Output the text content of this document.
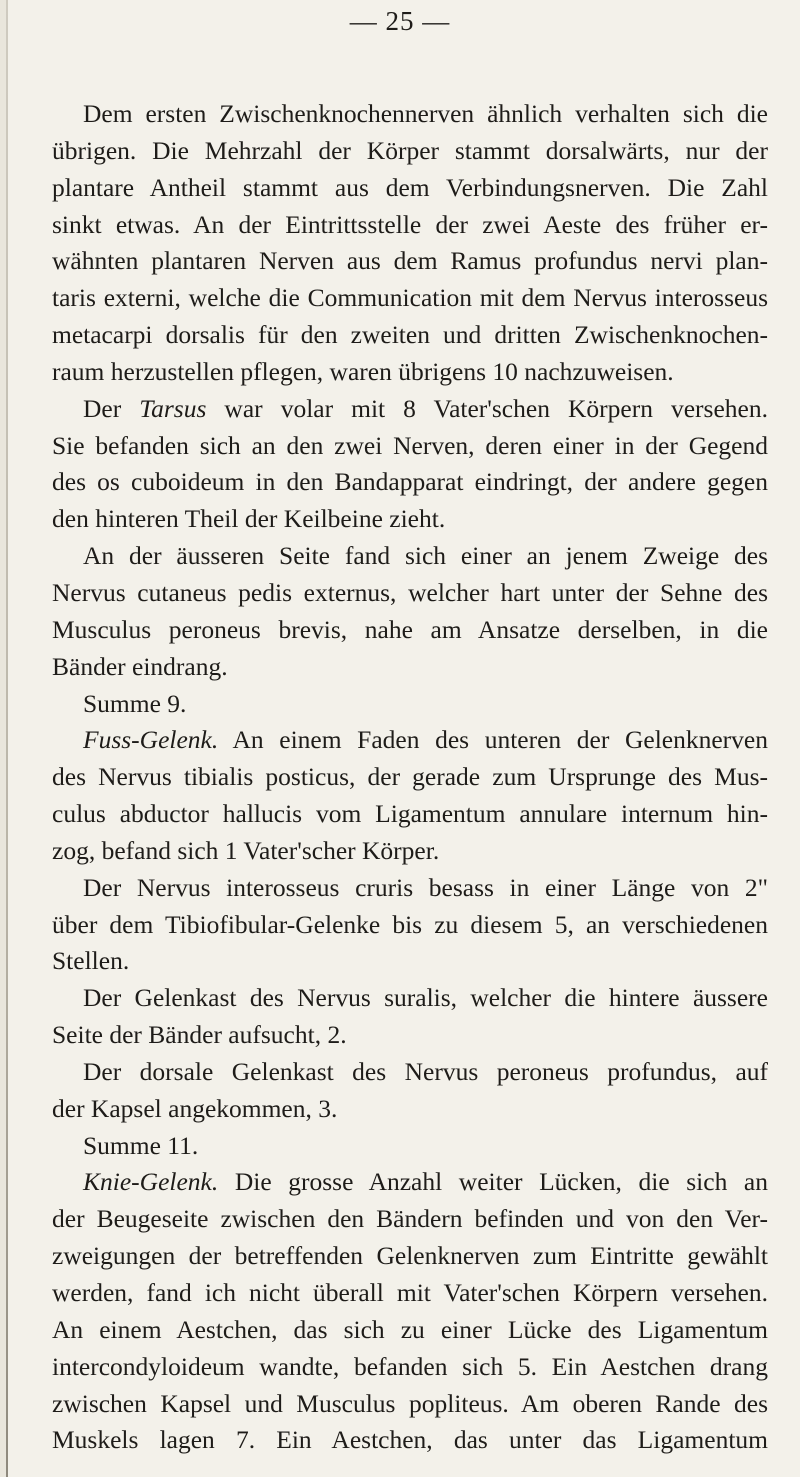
— 25 —
Dem ersten Zwischenknochennerven ähnlich verhalten sich die
übrigen. Die Mehrzahl der Körper stammt dorsalwärts, nur der
plantare Antheil stammt aus dem Verbindungsnerven. Die Zahl
sinkt etwas. An der Eintrittsstelle der zwei Aeste des früher er-
wähnten plantaren Nerven aus dem Ramus profundus nervi plan-
taris externi, welche die Communication mit dem Nervus interosseus
metacarpi dorsalis für den zweiten und dritten Zwischenknochen-
raum herzustellen pflegen, waren übrigens 10 nachzuweisen.
Der Tarsus war volar mit 8 Vater'schen Körpern versehen.
Sie befanden sich an den zwei Nerven, deren einer in der Gegend
des os cuboideum in den Bandapparat eindringt, der andere gegen
den hinteren Theil der Keilbeine zieht.
An der äusseren Seite fand sich einer an jenem Zweige des
Nervus cutaneus pedis externus, welcher hart unter der Sehne des
Musculus peroneus brevis, nahe am Ansatze derselben, in die
Bänder eindrang.
Summe 9.
Fuss-Gelenk. An einem Faden des unteren der Gelenknerven
des Nervus tibialis posticus, der gerade zum Ursprunge des Mus-
culus abductor hallucis vom Ligamentum annulare internum hin-
zog, befand sich 1 Vater'scher Körper.
Der Nervus interosseus cruris besass in einer Länge von 2"
über dem Tibiofibular-Gelenke bis zu diesem 5, an verschiedenen
Stellen.
Der Gelenkast des Nervus suralis, welcher die hintere äussere
Seite der Bänder aufsucht, 2.
Der dorsale Gelenkast des Nervus peroneus profundus, auf
der Kapsel angekommen, 3.
Summe 11.
Knie-Gelenk. Die grosse Anzahl weiter Lücken, die sich an
der Beugeseite zwischen den Bändern befinden und von den Ver-
zweigungen der betreffenden Gelenknerven zum Eintritte gewählt
werden, fand ich nicht überall mit Vater'schen Körpern versehen.
An einem Aestchen, das sich zu einer Lücke des Ligamentum
intercondyloideum wandte, befanden sich 5. Ein Aestchen drang
zwischen Kapsel und Musculus popliteus. Am oberen Rande des
Muskels lagen 7. Ein Aestchen, das unter das Ligamentum
